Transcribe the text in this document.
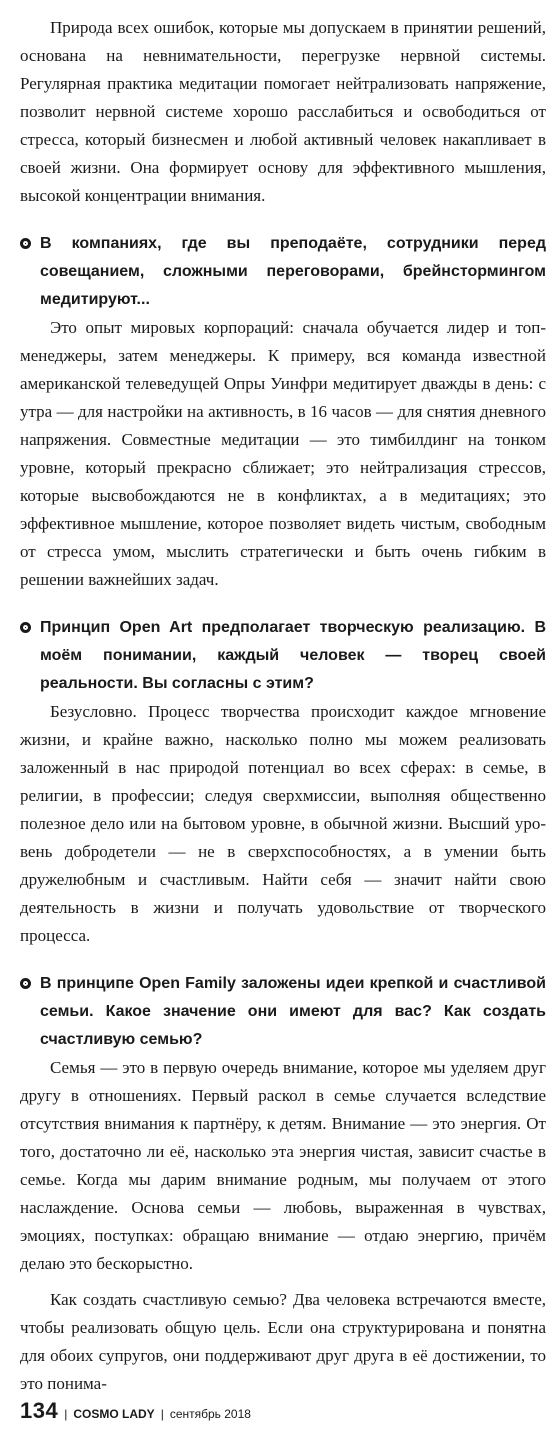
Природа всех ошибок, которые мы допускаем в принятии решений, основана на невнимательности, перегрузке нервной системы. Регулярная практика медитации помогает нейтрализовать напряжение, позволит нервной системе хорошо расслабиться и освободиться от стресса, который бизнесмен и любой активный человек накапливает в своей жизни. Она формирует основу для эффективного мышления, высокой концентрации внимания.

В компаниях, где вы преподаёте, сотрудники перед совещанием, сложными переговорами, брейнстормингом медитируют...

Это опыт мировых корпораций: сначала обучается лидер и топ-менеджеры, затем менеджеры. К примеру, вся команда известной американской телеведущей Опры Уинфри медитирует дважды в день: с утра — для настройки на активность, в 16 часов — для снятия дневного напряжения. Совместные медитации — это тимбилдинг на тонком уровне, который прекрасно сближает; это нейтрализация стрессов, которые высвобождаются не в конфликтах, а в медитациях; это эффективное мышление, которое позволяет видеть чистым, свободным от стресса умом, мыслить стратегически и быть очень гибким в решении важнейших задач.

Принцип Open Art предполагает творческую реализацию. В моём понимании, каждый человек — творец своей реальности. Вы согласны с этим?

Безусловно. Процесс творчества происходит каждое мгновение жизни, и крайне важно, насколько полно мы можем реализовать заложенный в нас природой потенциал во всех сферах: в семье, в религии, в профессии; следуя сверхмиссии, выполняя общественно полезное дело или на бытовом уровне, в обычной жизни. Высший уровень добродетели — не в сверхспособностях, а в умении быть дружелюбным и счастливым. Найти себя — значит найти свою деятельность в жизни и получать удовольствие от творческого процесса.

В принципе Open Family заложены идеи крепкой и счастливой семьи. Какое значение они имеют для вас? Как создать счастливую семью?

Семья — это в первую очередь внимание, которое мы уделяем друг другу в отношениях. Первый раскол в семье случается вследствие отсутствия внимания к партнёру, к детям. Внимание — это энергия. От того, достаточно ли её, насколько эта энергия чистая, зависит счастье в семье. Когда мы дарим внимание родным, мы получаем от этого наслаждение. Основа семьи — любовь, выраженная в чувствах, эмоциях, поступках: обращаю внимание — отдаю энергию, причём делаю это бескорыстно.

Как создать счастливую семью? Два человека встречаются вместе, чтобы реализовать общую цель. Если она структурирована и понятна для обоих супругов, они поддерживают друг друга в её достижении, то это понима-

134 | COSMO LADY | сентябрь 2018
